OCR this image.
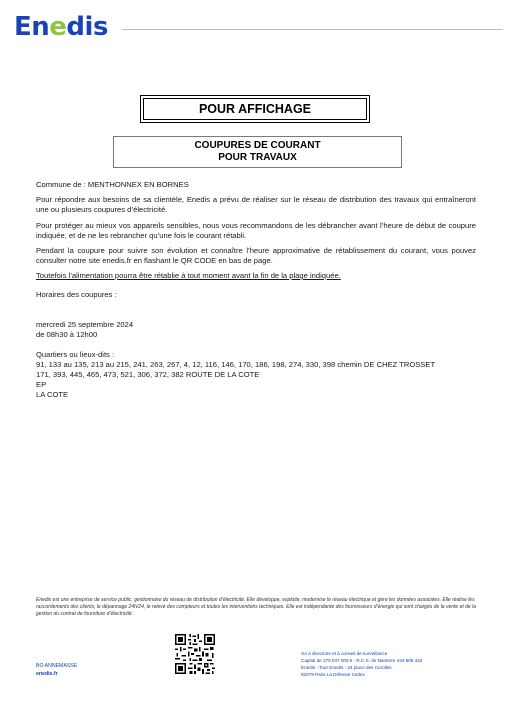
Enedis
POUR AFFICHAGE
COUPURES DE COURANT
POUR TRAVAUX
Commune de : MENTHONNEX EN BORNES
Pour répondre aux besoins de sa clientèle, Enedis a prévu de réaliser sur le réseau de distribution des travaux qui entraîneront une ou plusieurs coupures d’électricité.
Pour protéger au mieux vos appareils sensibles, nous vous recommandons de les débrancher avant l’heure de début de coupure indiquée, et de ne les rebrancher qu’une fois le courant rétabli.
Pendant la coupure pour suivre son évolution et connaître l’heure approximative de rétablissement du courant, vous pouvez consulter notre site enedis.fr en flashant le QR CODE en bas de page.
Toutefois l’alimentation pourra être rétablie à tout moment avant la fin de la plage indiquée.
Horaires des coupures :
mercredi 25 septembre 2024
de 08h30 à 12h00
Quartiers ou lieux-dits :
91, 133 au 135, 213 au 215, 241, 263, 267, 4, 12, 116, 146, 170, 186, 198, 274, 330, 398 chemin DE CHEZ TROSSET
171, 393, 445, 465, 473, 521, 306, 372, 382 ROUTE DE LA COTE
EP
LA COTE
Enedis est une entreprise de service public, gestionnaire du réseau de distribution d’électricité. Elle développe, exploite, modernise le réseau électrique et gère les données associées. Elle réalise les raccordements des clients, le dépannage 24h/24, le relevé des compteurs et toutes les interventions techniques. Elle est indépendante des fournisseurs d’énergie qui sont chargés de la vente et de la gestion du contrat de fourniture d’électricité.
BO ANNEMASSE
enedis.fr
SA à directoire et à conseil de surveillance
Capital de 270 037 000 € - R.C.S. de Nanterre 444 608 442
Enedis - Tour Enedis - 34 place des Corolles
92079 Paris La Défense Cedex
